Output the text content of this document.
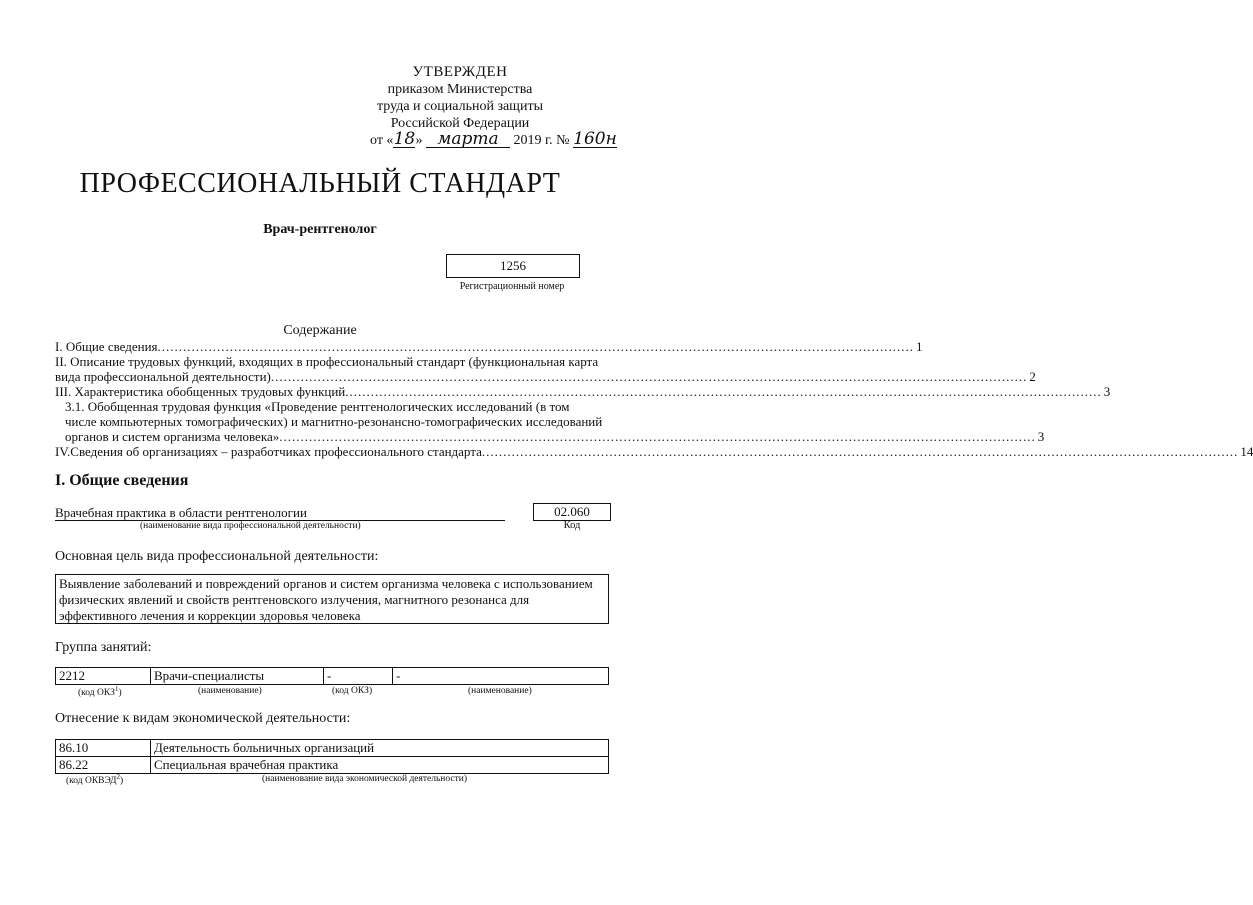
УТВЕРЖДЕН
приказом Министерства
труда и социальной защиты
Российской Федерации
от «18» марта 2019 г. № 160н
ПРОФЕССИОНАЛЬНЫЙ СТАНДАРТ
Врач-рентгенолог
1256
Регистрационный номер
Содержание
I. Общие сведения .................................................................................................................................................................................. 1
II. Описание трудовых функций, входящих в профессиональный стандарт (функциональная карта
вида профессиональной деятельности) .................................................................................................................................................................................. 2
III. Характеристика обобщенных трудовых функций .................................................................................................................................................................................. 3
3.1. Обобщенная трудовая функция «Проведение рентгенологических исследований (в том
числе компьютерных томографических) и магнитно-резонансно-томографических исследований
органов и систем организма человека» .................................................................................................................................................................................. 3
IV.Сведения об организациях – разработчиках профессионального стандарта .................................................................................................................................................................................. 14
I. Общие сведения
Врачебная практика в области рентгенологии
(наименование вида профессиональной деятельности)
02.060
Код
Основная цель вида профессиональной деятельности:
Выявление заболеваний и повреждений органов и систем организма человека с использованием физических явлений и свойств рентгеновского излучения, магнитного резонанса для эффективного лечения и коррекции здоровья человека
Группа занятий:
2212	Врачи-специалисты	-	-
(код ОКЗ$^1$)	(наименование)	(код ОКЗ)	(наименование)
Отнесение к видам экономической деятельности:
86.10	Деятельность больничных организаций
86.22	Специальная врачебная практика
(код ОКВЭД$^2$)	(наименование вида экономической деятельности)
